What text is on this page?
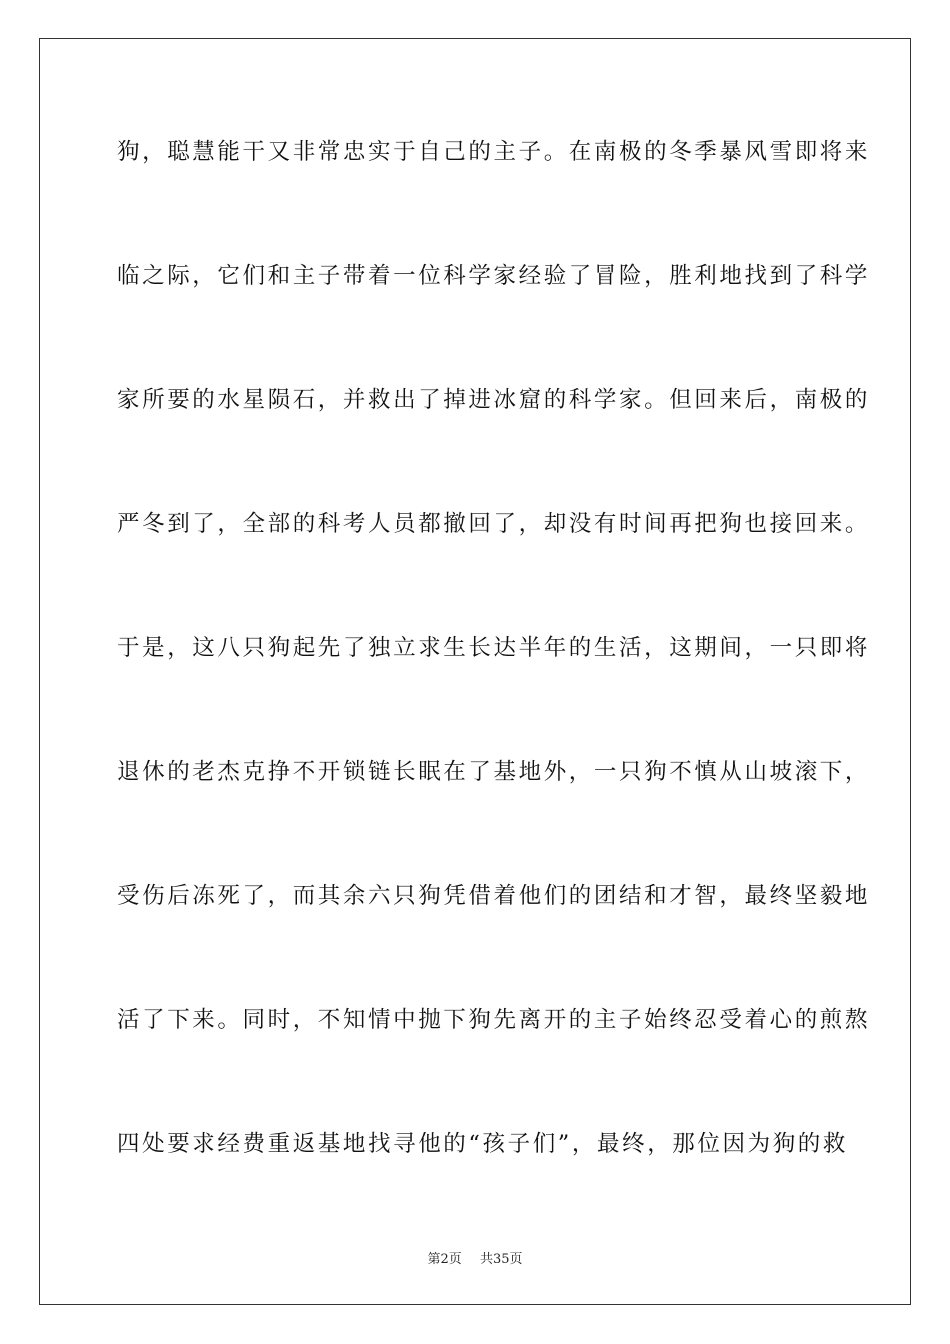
狗，聪慧能干又非常忠实于自己的主子。在南极的冬季暴风雪即将来
临之际，它们和主子带着一位科学家经验了冒险，胜利地找到了科学
家所要的水星陨石，并救出了掉进冰窟的科学家。但回来后，南极的
严冬到了，全部的科考人员都撤回了，却没有时间再把狗也接回来。
于是，这八只狗起先了独立求生长达半年的生活，这期间，一只即将
退休的老杰克挣不开锁链长眠在了基地外，一只狗不慎从山坡滚下，
受伤后冻死了，而其余六只狗凭借着他们的团结和才智，最终坚毅地
活了下来。同时，不知情中抛下狗先离开的主子始终忍受着心的煎熬
四处要求经费重返基地找寻他的“孩子们”，最终，那位因为狗的救
第2页 共35页
